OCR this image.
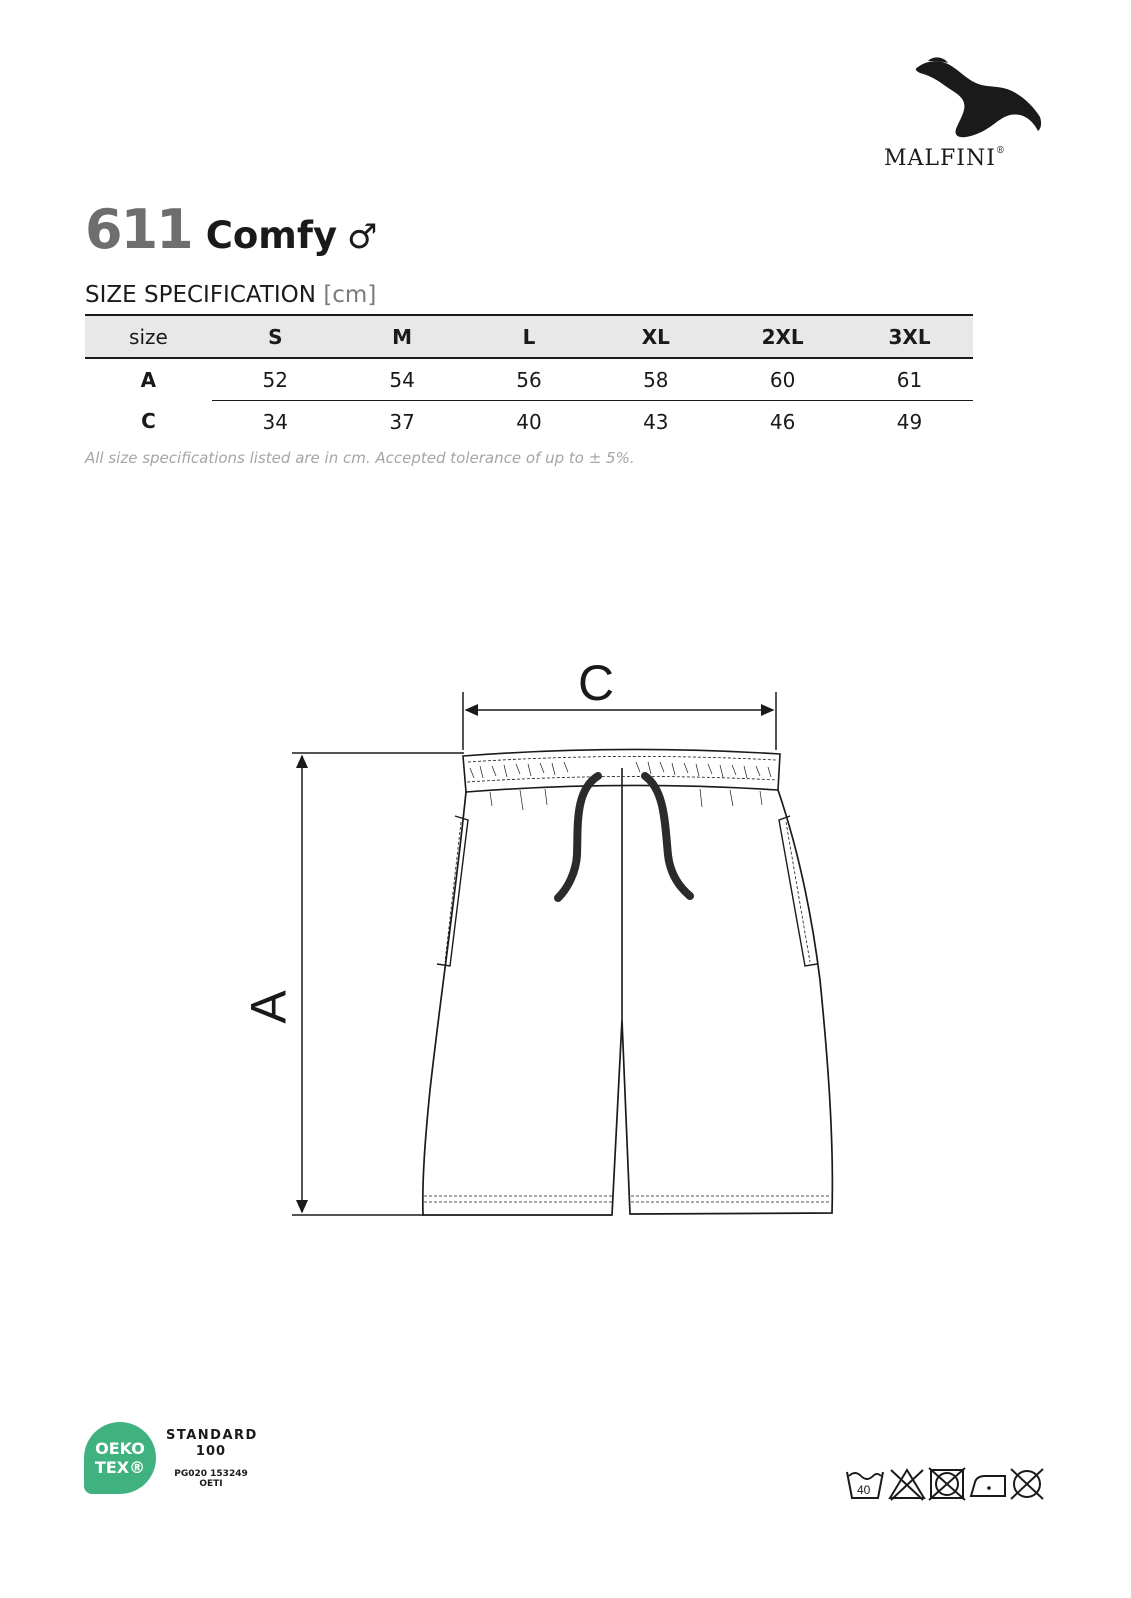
MALFINI®
611 Comfy ♂
SIZE SPECIFICATION [cm]
size	S	M	L	XL	2XL	3XL
A	52	54	56	58	60	61
C	34	37	40	43	46	49
All size specifications listed are in cm. Accepted tolerance of up to ± 5%.
C
A
OEKO
TEX®
STANDARD
100
PG020 153249
OETI	40
